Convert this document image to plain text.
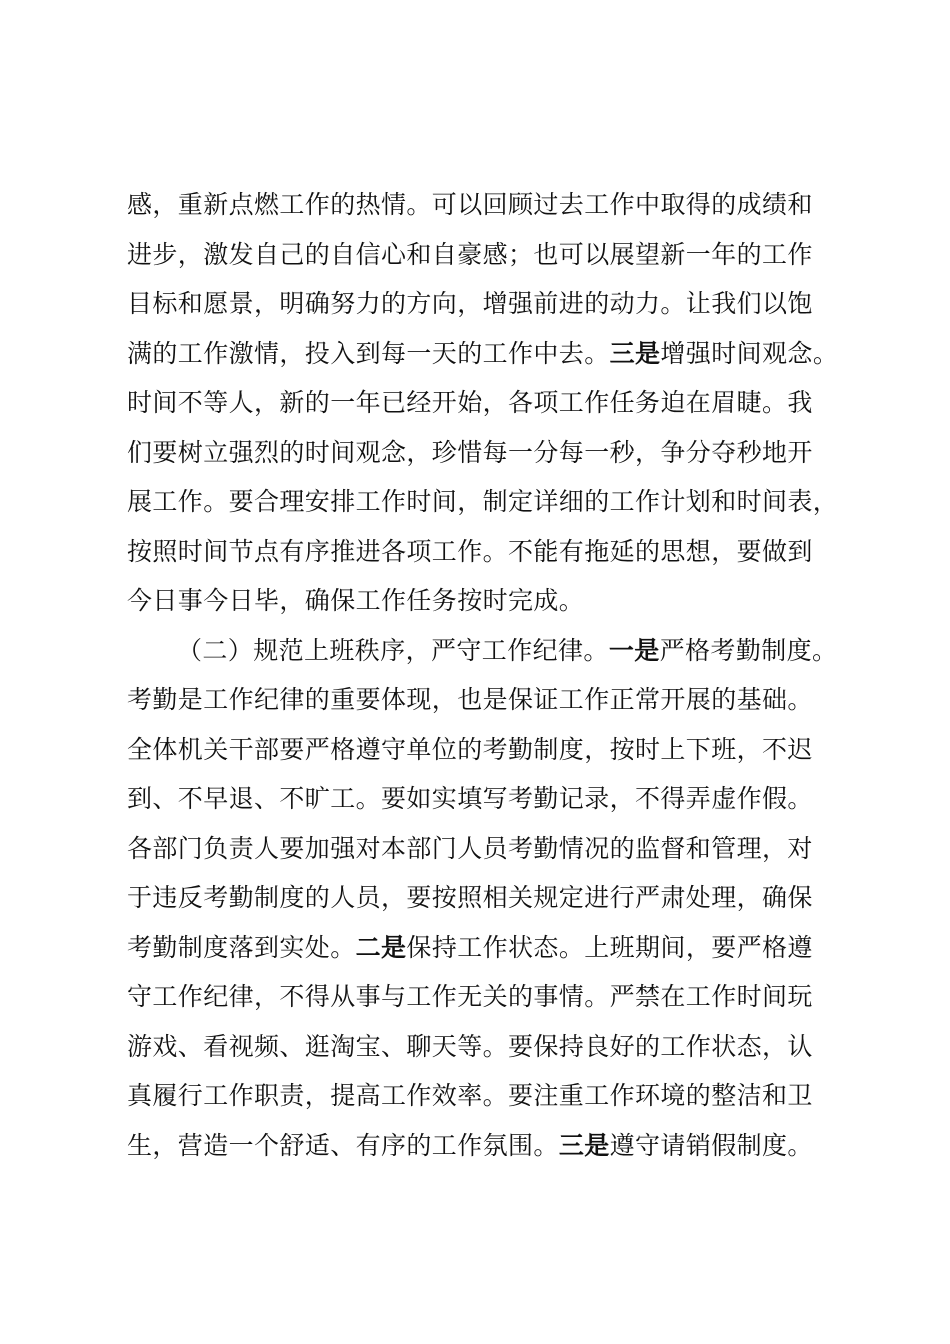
感，重新点燃工作的热情。可以回顾过去工作中取得的成绩和
进步，激发自己的自信心和自豪感；也可以展望新一年的工作
目标和愿景，明确努力的方向，增强前进的动力。让我们以饱
满的工作激情，投入到每一天的工作中去。三是增强时间观念。
时间不等人，新的一年已经开始，各项工作任务迫在眉睫。我
们要树立强烈的时间观念，珍惜每一分每一秒，争分夺秒地开
展工作。要合理安排工作时间，制定详细的工作计划和时间表，
按照时间节点有序推进各项工作。不能有拖延的思想，要做到
今日事今日毕，确保工作任务按时完成。
（二）规范上班秩序，严守工作纪律。一是严格考勤制度。
考勤是工作纪律的重要体现，也是保证工作正常开展的基础。
全体机关干部要严格遵守单位的考勤制度，按时上下班，不迟
到、不早退、不旷工。要如实填写考勤记录，不得弄虚作假。
各部门负责人要加强对本部门人员考勤情况的监督和管理，对
于违反考勤制度的人员，要按照相关规定进行严肃处理，确保
考勤制度落到实处。二是保持工作状态。上班期间，要严格遵
守工作纪律，不得从事与工作无关的事情。严禁在工作时间玩
游戏、看视频、逛淘宝、聊天等。要保持良好的工作状态，认
真履行工作职责，提高工作效率。要注重工作环境的整洁和卫
生，营造一个舒适、有序的工作氛围。三是遵守请销假制度。
